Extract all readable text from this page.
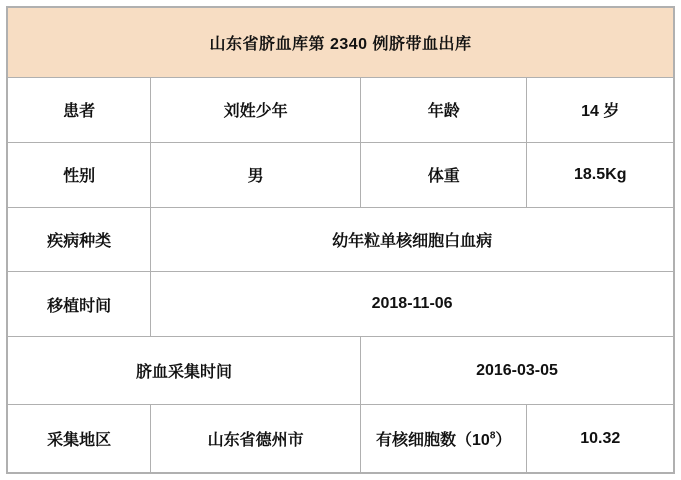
山东省脐血库第 2340 例脐带血出库			
患者	刘姓少年	年龄	14 岁
性别	男	体重	18.5Kg
疾病种类	幼年粒单核细胞白血病		
移植时间	2018-11-06		
脐血采集时间		2016-03-05	
采集地区	山东省德州市	有核细胞数$(10^8)$	10.32
